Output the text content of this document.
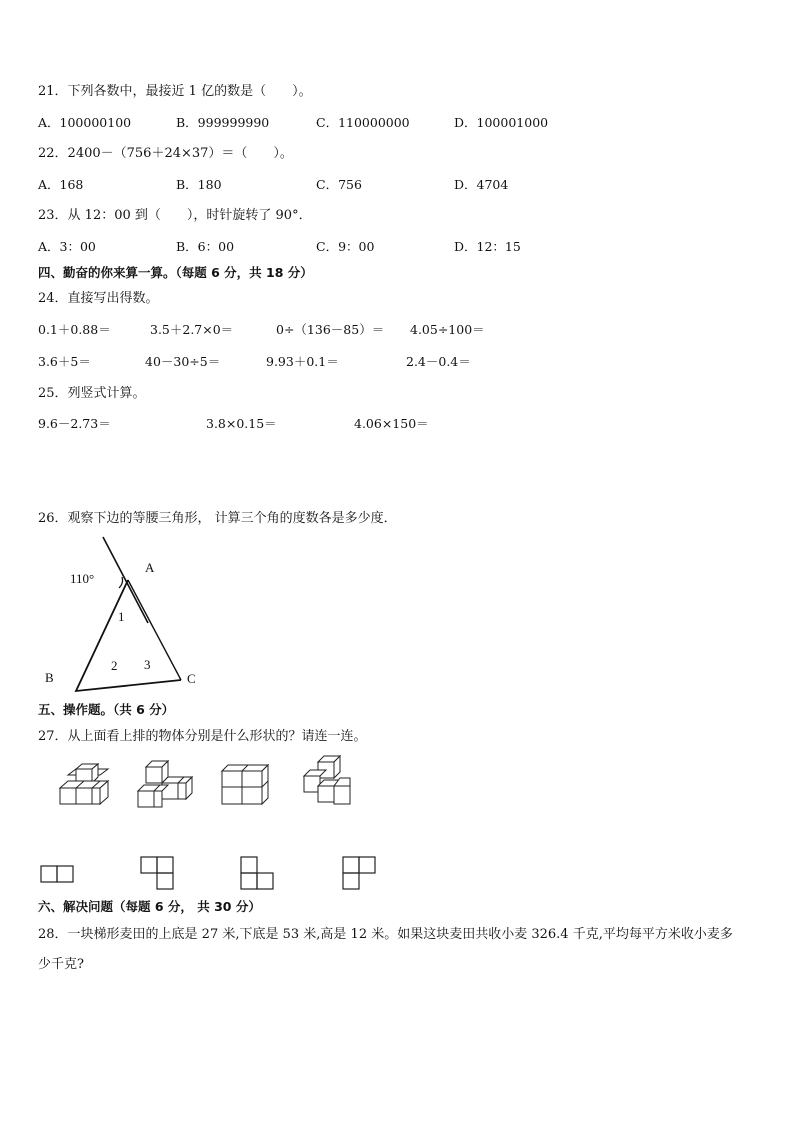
21．下列各数中，最接近 1 亿的数是（　　）。
A．100000100	B．999999990	C．110000000	D．100001000
22．2400－（756＋24×37）＝（　　）。
A．168	B．180	C．756	D．4704
23．从 12：00 到（　　），时针旋转了 90°．
A．3：00	B．6：00	C．9：00	D．12：15
四、勤奋的你来算一算。（每题 6 分，共 18 分）
24．直接写出得数。
0.1＋0.88＝	3.5＋2.7×0＝	0÷（136－85）＝ 4.05÷100＝
3.6＋5＝	40－30÷5＝	9.93＋0.1＝	2.4－0.4＝
25．列竖式计算。
9.6－2.73＝	3.8×0.15＝	4.06×150＝
26．观察下边的等腰三角形， 计算三个角的度数各是多少度．
110°
A
B	C
1
2 3
五、操作题。（共 6 分）
27．从上面看上排的物体分别是什么形状的？请连一连。
六、解决问题（每题 6 分， 共 30 分）
28．一块梯形麦田的上底是 27 米,下底是 53 米,高是 12 米。如果这块麦田共收小麦 326.4 千克,平均每平方米收小麦多
少千克?
